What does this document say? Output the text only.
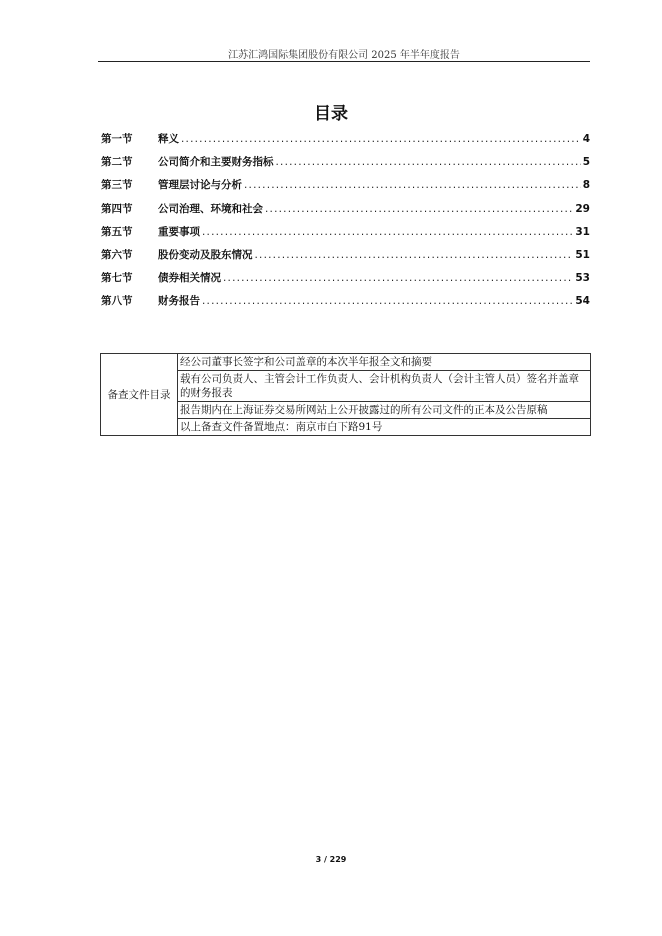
江苏汇鸿国际集团股份有限公司 2025 年半年度报告
目录
第一节	释义 .....	4
第二节	公司简介和主要财务指标 .....	5
第三节	管理层讨论与分析 .....	8
第四节	公司治理、环境和社会 .....	29
第五节	重要事项 .....	31
第六节	股份变动及股东情况 .....	51
第七节	债券相关情况 .....	53
第八节	财务报告 .....	54
备查文件目录	经公司董事长签字和公司盖章的本次半年报全文和摘要
载有公司负责人、主管会计工作负责人、会计机构负责人（会计主管人员）签名并盖章的财务报表
报告期内在上海证券交易所网站上公开披露过的所有公司文件的正本及公告原稿
以上备查文件备置地点：南京市白下路91号
3 / 229
